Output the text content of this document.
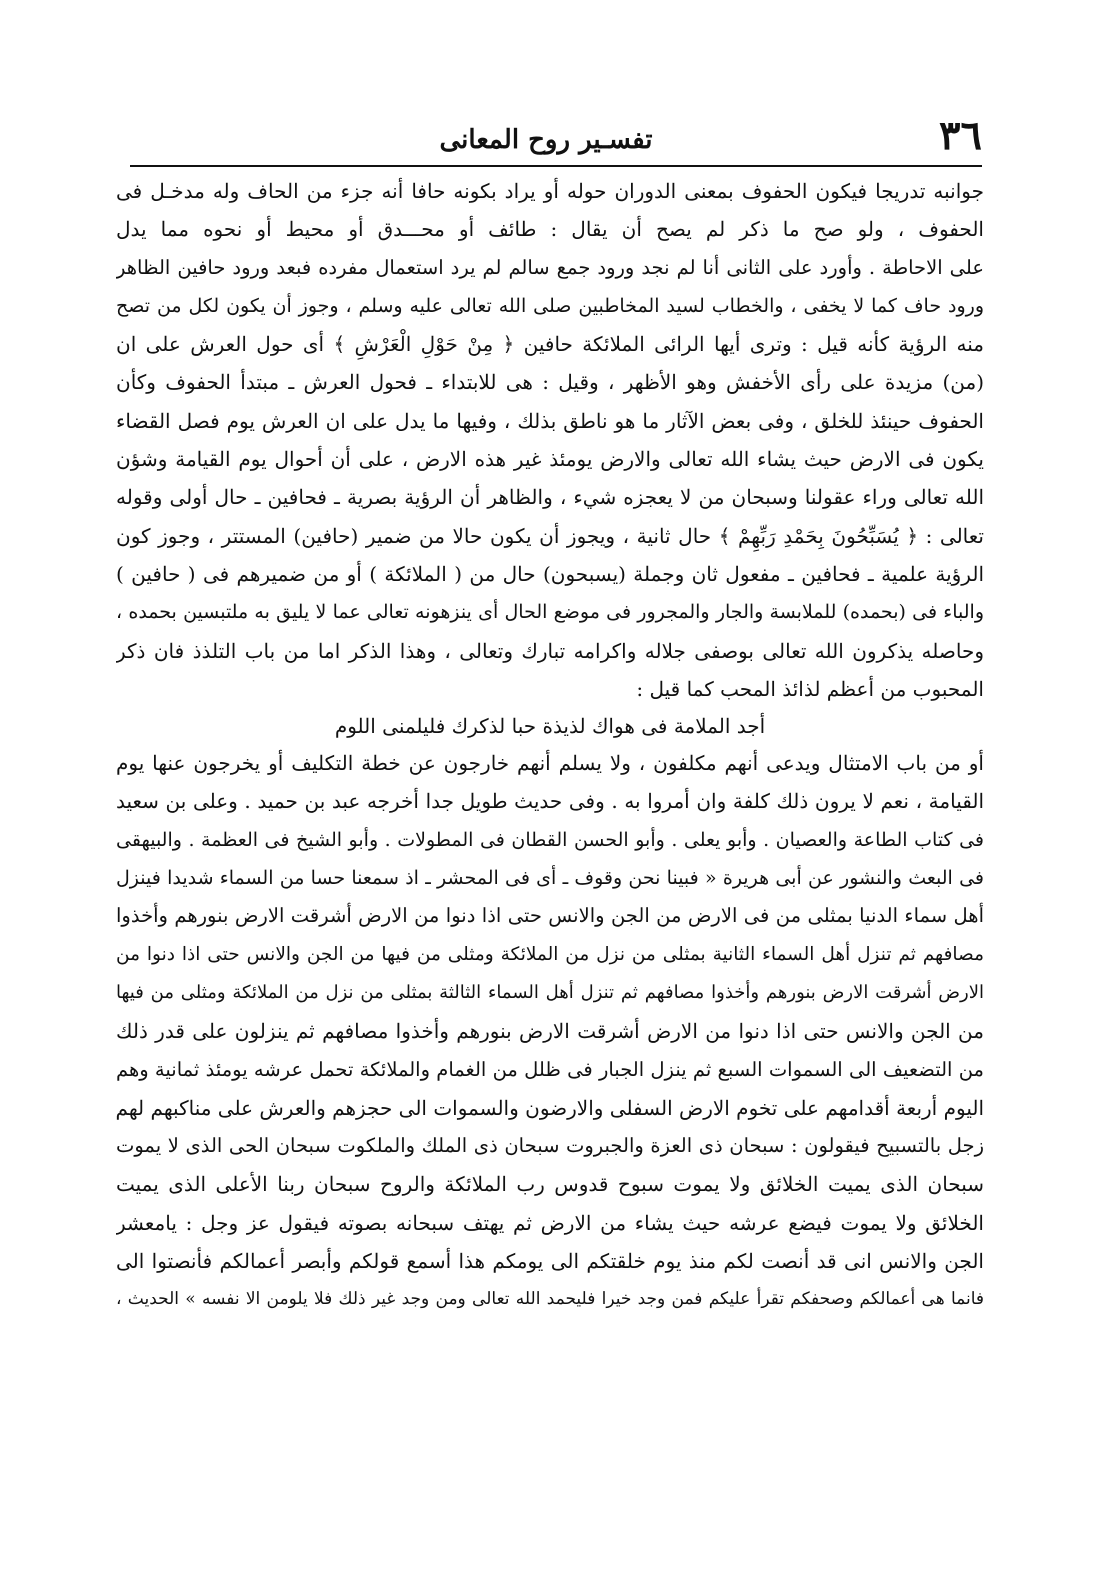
٣٦
تفسـير روح المعانى
جوانبه تدريجا فيكون الحفوف بمعنى الدوران حوله أو يراد بكونه حافا أنه جزء من الحاف وله مدخـل فى
الحفوف ، ولو صح ما ذكر لم يصح أن يقال : طائف أو محـــدق أو محيط أو نحوه مما يدل
على الاحاطة . وأورد على الثانى أنا لم نجد ورود جمع سالم لم يرد استعمال مفرده فبعد ورود حافين الظاهر
ورود حاف كما لا يخفى ، والخطاب لسيد المخاطبين صلى الله تعالى عليه وسلم ، وجوز أن يكون لكل من تصح
منه الرؤية كأنه قيل : وترى أيها الرائى الملائكة حافين ﴿ مِنْ حَوْلِ الْعَرْشِ ﴾ أى حول العرش على ان
(من) مزيدة على رأى الأخفش وهو الأظهر ، وقيل : هى للابتداء ـ فحول العرش ـ مبتدأ الحفوف وكأن
الحفوف حينئذ للخلق ، وفى بعض الآثار ما هو ناطق بذلك ، وفيها ما يدل على ان العرش يوم فصل القضاء
يكون فى الارض حيث يشاء الله تعالى والارض يومئذ غير هذه الارض ، على أن أحوال يوم القيامة وشؤن
الله تعالى وراء عقولنا وسبحان من لا يعجزه شيء ، والظاهر أن الرؤية بصرية ـ فحافين ـ حال أولى وقوله
تعالى : ﴿ يُسَبِّحُونَ بِحَمْدِ رَبِّهِمْ ﴾ حال ثانية ، ويجوز أن يكون حالا من ضمير (حافين) المستتر ، وجوز كون
الرؤية علمية ـ فحافين ـ مفعول ثان وجملة (يسبحون) حال من ( الملائكة ) أو من ضميرهم فى ( حافين )
والباء فى (بحمده) للملابسة والجار والمجرور فى موضع الحال أى ينزهونه تعالى عما لا يليق به ملتبسين بحمده ،
وحاصله يذكرون الله تعالى بوصفى جلاله واكرامه تبارك وتعالى ، وهذا الذكر اما من باب التلذذ فان ذكر
المحبوب من أعظم لذائذ المحب كما قيل :
أجد الملامة فى هواك لذيذة حبا لذكرك فليلمنى اللوم
أو من باب الامتثال ويدعى أنهم مكلفون ، ولا يسلم أنهم خارجون عن خطة التكليف أو يخرجون عنها يوم
القيامة ، نعم لا يرون ذلك كلفة وان أمروا به . وفى حديث طويل جدا أخرجه عبد بن حميد . وعلى بن سعيد
فى كتاب الطاعة والعصيان . وأبو يعلى . وأبو الحسن القطان فى المطولات . وأبو الشيخ فى العظمة . والبيهقى
فى البعث والنشور عن أبى هريرة « فبينا نحن وقوف ـ أى فى المحشر ـ اذ سمعنا حسا من السماء شديدا فينزل
أهل سماء الدنيا بمثلى من فى الارض من الجن والانس حتى اذا دنوا من الارض أشرقت الارض بنورهم وأخذوا
مصافهم ثم تنزل أهل السماء الثانية بمثلى من نزل من الملائكة ومثلى من فيها من الجن والانس حتى اذا دنوا من
الارض أشرقت الارض بنورهم وأخذوا مصافهم ثم تنزل أهل السماء الثالثة بمثلى من نزل من الملائكة ومثلى من فيها
من الجن والانس حتى اذا دنوا من الارض أشرقت الارض بنورهم وأخذوا مصافهم ثم ينزلون على قدر ذلك
من التضعيف الى السموات السبع ثم ينزل الجبار فى ظلل من الغمام والملائكة تحمل عرشه يومئذ ثمانية وهم
اليوم أربعة أقدامهم على تخوم الارض السفلى والارضون والسموات الى حجزهم والعرش على مناكبهم لهم
زجل بالتسبيح فيقولون : سبحان ذى العزة والجبروت سبحان ذى الملك والملكوت سبحان الحى الذى لا يموت
سبحان الذى يميت الخلائق ولا يموت سبوح قدوس رب الملائكة والروح سبحان ربنا الأعلى الذى يميت
الخلائق ولا يموت فيضع عرشه حيث يشاء من الارض ثم يهتف سبحانه بصوته فيقول عز وجل : يامعشر
الجن والانس انى قد أنصت لكم منذ يوم خلقتكم الى يومكم هذا أسمع قولكم وأبصر أعمالكم فأنصتوا الى
فانما هى أعمالكم وصحفكم تقرأ عليكم فمن وجد خيرا فليحمد الله تعالى ومن وجد غير ذلك فلا يلومن الا نفسه » الحديث ،
